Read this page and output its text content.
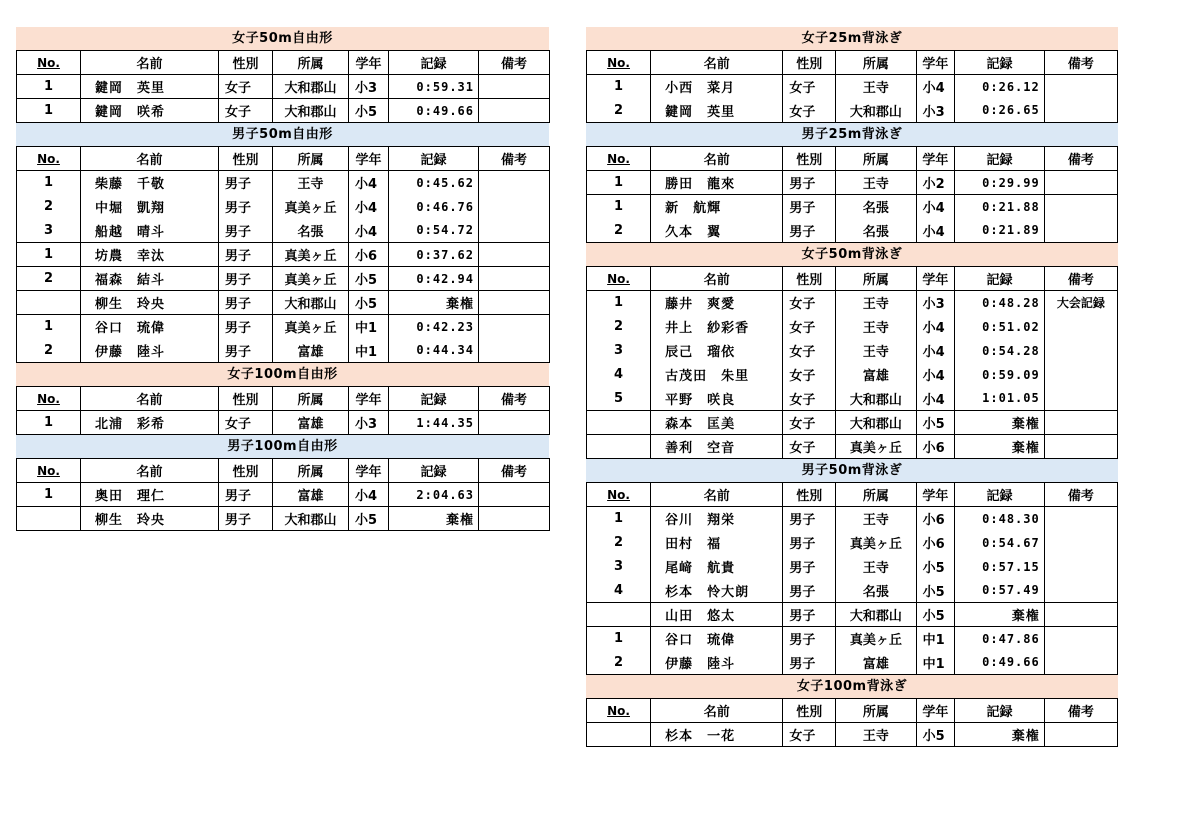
女子50m自由形
No.	名前	性別	所属	学年	記録	備考
1	鍵岡　英里	女子	大和郡山	小3	0:59.31	
1	鍵岡　咲希	女子	大和郡山	小5	0:49.66	
男子50m自由形
No.	名前	性別	所属	学年	記録	備考
1	柴藤　千敬	男子	王寺	小4	0:45.62	
2	中堀　凱翔	男子	真美ヶ丘	小4	0:46.76	
3	船越　晴斗	男子	名張	小4	0:54.72	
1	坊農　幸汰	男子	真美ヶ丘	小6	0:37.62	
2	福森　結斗	男子	真美ヶ丘	小5	0:42.94	
	柳生　玲央	男子	大和郡山	小5	棄権	
1	谷口　琉偉	男子	真美ヶ丘	中1	0:42.23	
2	伊藤　陸斗	男子	富雄	中1	0:44.34	
女子100m自由形
No.	名前	性別	所属	学年	記録	備考
1	北浦　彩希	女子	富雄	小3	1:44.35	
男子100m自由形
No.	名前	性別	所属	学年	記録	備考
1	奥田　理仁	男子	富雄	小4	2:04.63	
	柳生　玲央	男子	大和郡山	小5	棄権	
女子25m背泳ぎ
No.	名前	性別	所属	学年	記録	備考
1	小西　菜月	女子	王寺	小4	0:26.12	
2	鍵岡　英里	女子	大和郡山	小3	0:26.65	
男子25m背泳ぎ
No.	名前	性別	所属	学年	記録	備考
1	勝田　龍來	男子	王寺	小2	0:29.99	
1	新　航輝	男子	名張	小4	0:21.88	
2	久本　翼	男子	名張	小4	0:21.89	
女子50m背泳ぎ
No.	名前	性別	所属	学年	記録	備考
1	藤井　爽愛	女子	王寺	小3	0:48.28	大会記録
2	井上　紗彩香	女子	王寺	小4	0:51.02	
3	辰己　瑠依	女子	王寺	小4	0:54.28	
4	古茂田　朱里	女子	富雄	小4	0:59.09	
5	平野　咲良	女子	大和郡山	小4	1:01.05	
	森本　匡美	女子	大和郡山	小5	棄権	
	善利　空音	女子	真美ヶ丘	小6	棄権	
男子50m背泳ぎ
No.	名前	性別	所属	学年	記録	備考
1	谷川　翔栄	男子	王寺	小6	0:48.30	
2	田村　福	男子	真美ヶ丘	小6	0:54.67	
3	尾﨑　航貴	男子	王寺	小5	0:57.15	
4	杉本　怜大朗	男子	名張	小5	0:57.49	
	山田　悠太	男子	大和郡山	小5	棄権	
1	谷口　琉偉	男子	真美ヶ丘	中1	0:47.86	
2	伊藤　陸斗	男子	富雄	中1	0:49.66	
女子100m背泳ぎ
No.	名前	性別	所属	学年	記録	備考
	杉本　一花	女子	王寺	小5	棄権	
